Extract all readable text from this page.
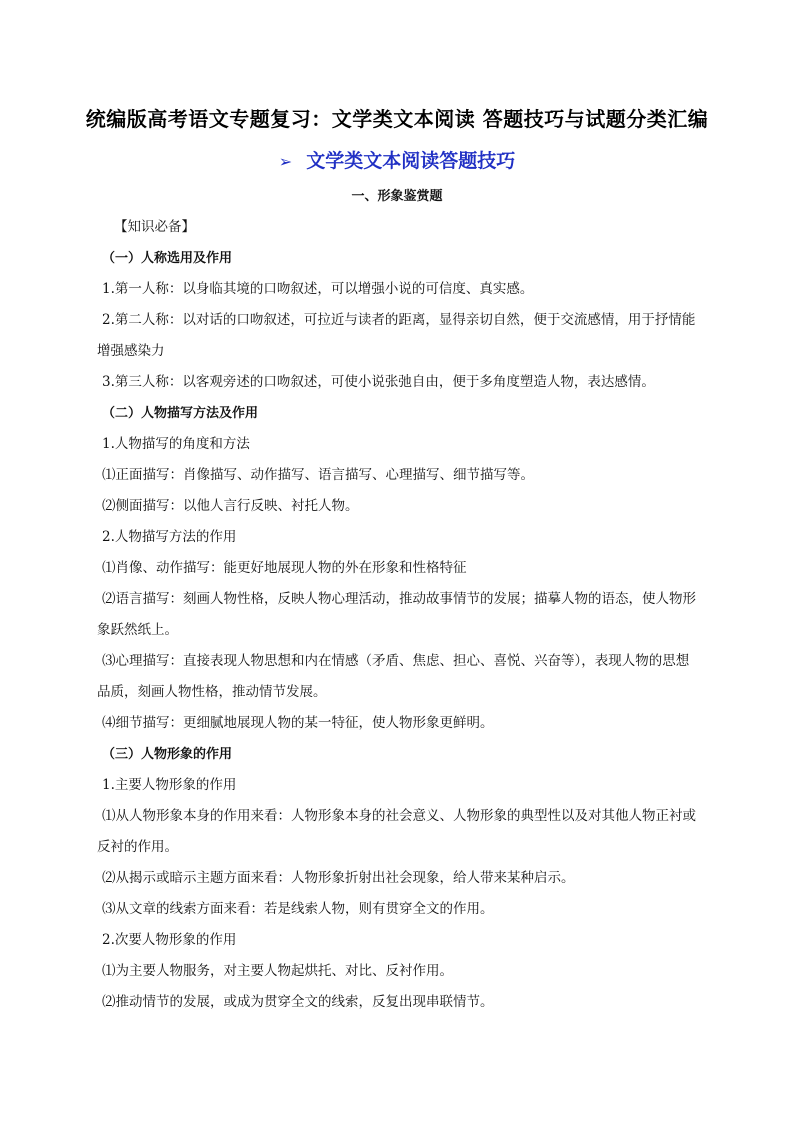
统编版高考语文专题复习：文学类文本阅读 答题技巧与试题分类汇编
➢ 文学类文本阅读答题技巧
一、形象鉴赏题

【知识必备】

（一）人称选用及作用

1.第一人称：以身临其境的口吻叙述，可以增强小说的可信度、真实感。

2.第二人称：以对话的口吻叙述，可拉近与读者的距离，显得亲切自然，便于交流感情，用于抒情能

增强感染力

3.第三人称：以客观旁述的口吻叙述，可使小说张弛自由，便于多角度塑造人物，表达感情。

（二）人物描写方法及作用

1.人物描写的角度和方法

⑴正面描写：肖像描写、动作描写、语言描写、心理描写、细节描写等。

⑵侧面描写：以他人言行反映、衬托人物。

2.人物描写方法的作用

⑴肖像、动作描写：能更好地展现人物的外在形象和性格特征

⑵语言描写：刻画人物性格，反映人物心理活动，推动故事情节的发展；描摹人物的语态，使人物形

象跃然纸上。

⑶心理描写：直接表现人物思想和内在情感（矛盾、焦虑、担心、喜悦、兴奋等），表现人物的思想

品质，刻画人物性格，推动情节发展。

⑷细节描写：更细腻地展现人物的某一特征，使人物形象更鲜明。

（三）人物形象的作用

1.主要人物形象的作用

⑴从人物形象本身的作用来看：人物形象本身的社会意义、人物形象的典型性以及对其他人物正衬或

反衬的作用。

⑵从揭示或暗示主题方面来看：人物形象折射出社会现象，给人带来某种启示。

⑶从文章的线索方面来看：若是线索人物，则有贯穿全文的作用。

2.次要人物形象的作用

⑴为主要人物服务，对主要人物起烘托、对比、反衬作用。

⑵推动情节的发展，或成为贯穿全文的线索，反复出现串联情节。
